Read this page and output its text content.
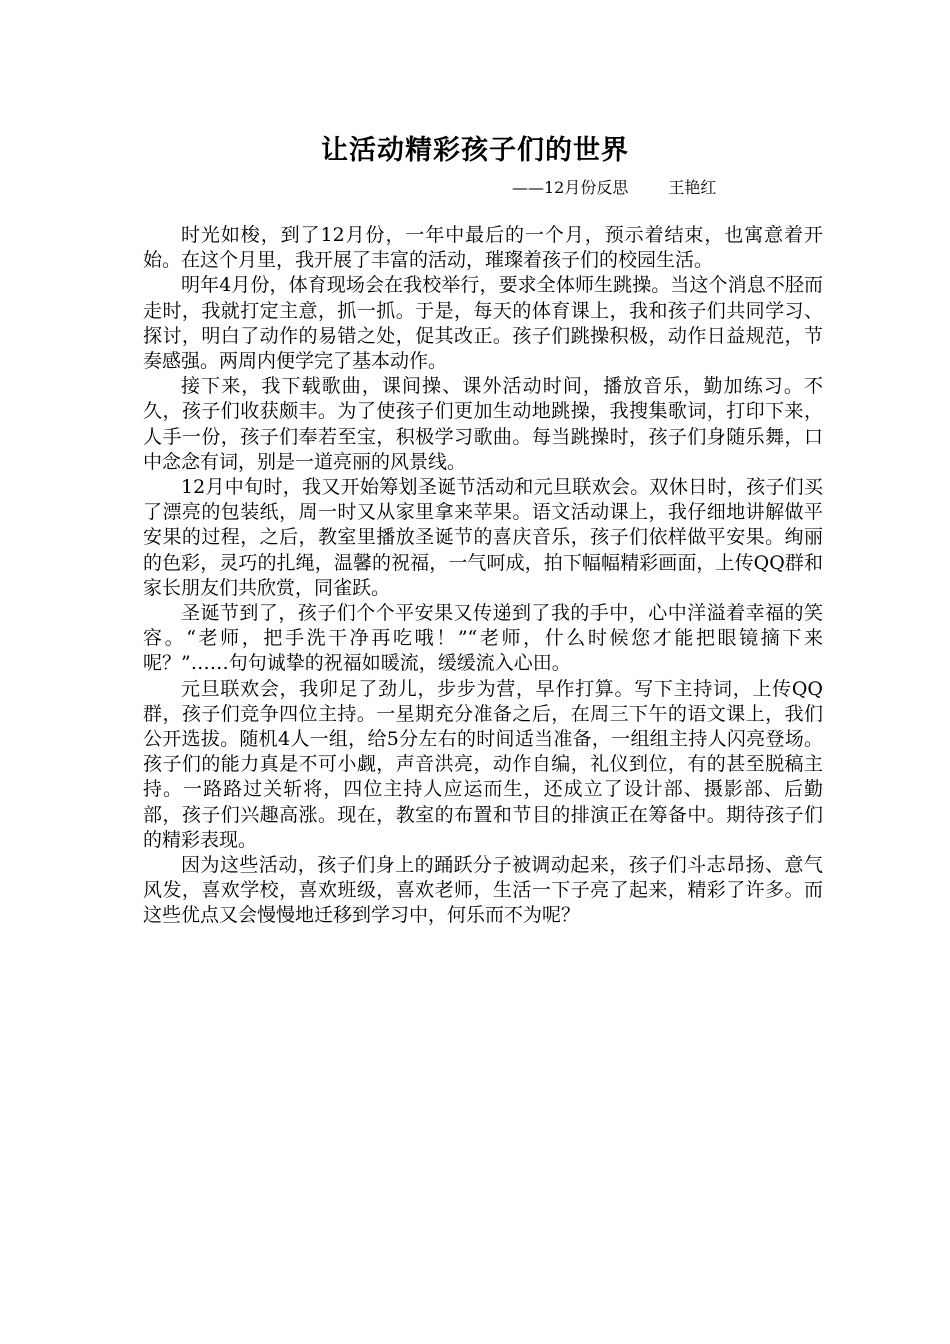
让活动精彩孩子们的世界
——12月份反思	王艳红

时光如梭，到了12月份，一年中最后的一个月，预示着结束，也寓意着开始。在这个月里，我开展了丰富的活动，璀璨着孩子们的校园生活。

明年4月份，体育现场会在我校举行，要求全体师生跳操。当这个消息不胫而走时，我就打定主意，抓一抓。于是，每天的体育课上，我和孩子们共同学习、探讨，明白了动作的易错之处，促其改正。孩子们跳操积极，动作日益规范，节奏感强。两周内便学完了基本动作。

接下来，我下载歌曲，课间操、课外活动时间，播放音乐，勤加练习。不久，孩子们收获颇丰。为了使孩子们更加生动地跳操，我搜集歌词，打印下来，人手一份，孩子们奉若至宝，积极学习歌曲。每当跳操时，孩子们身随乐舞，口中念念有词，别是一道亮丽的风景线。

12月中旬时，我又开始筹划圣诞节活动和元旦联欢会。双休日时，孩子们买了漂亮的包装纸，周一时又从家里拿来苹果。语文活动课上，我仔细地讲解做平安果的过程，之后，教室里播放圣诞节的喜庆音乐，孩子们依样做平安果。绚丽的色彩，灵巧的扎绳，温馨的祝福，一气呵成，拍下幅幅精彩画面，上传QQ群和家长朋友们共欣赏，同雀跃。

圣诞节到了，孩子们个个平安果又传递到了我的手中，心中洋溢着幸福的笑容。“老师，把手洗干净再吃哦！”“老师，什么时候您才能把眼镜摘下来呢？”……句句诚挚的祝福如暖流，缓缓流入心田。

元旦联欢会，我卯足了劲儿，步步为营，早作打算。写下主持词，上传QQ群，孩子们竞争四位主持。一星期充分准备之后，在周三下午的语文课上，我们公开选拔。随机4人一组，给5分左右的时间适当准备，一组组主持人闪亮登场。孩子们的能力真是不可小觑，声音洪亮，动作自编，礼仪到位，有的甚至脱稿主持。一路路过关斩将，四位主持人应运而生，还成立了设计部、摄影部、后勤部，孩子们兴趣高涨。现在，教室的布置和节目的排演正在筹备中。期待孩子们的精彩表现。

因为这些活动，孩子们身上的踊跃分子被调动起来，孩子们斗志昂扬、意气风发，喜欢学校，喜欢班级，喜欢老师，生活一下子亮了起来，精彩了许多。而这些优点又会慢慢地迁移到学习中，何乐而不为呢？
